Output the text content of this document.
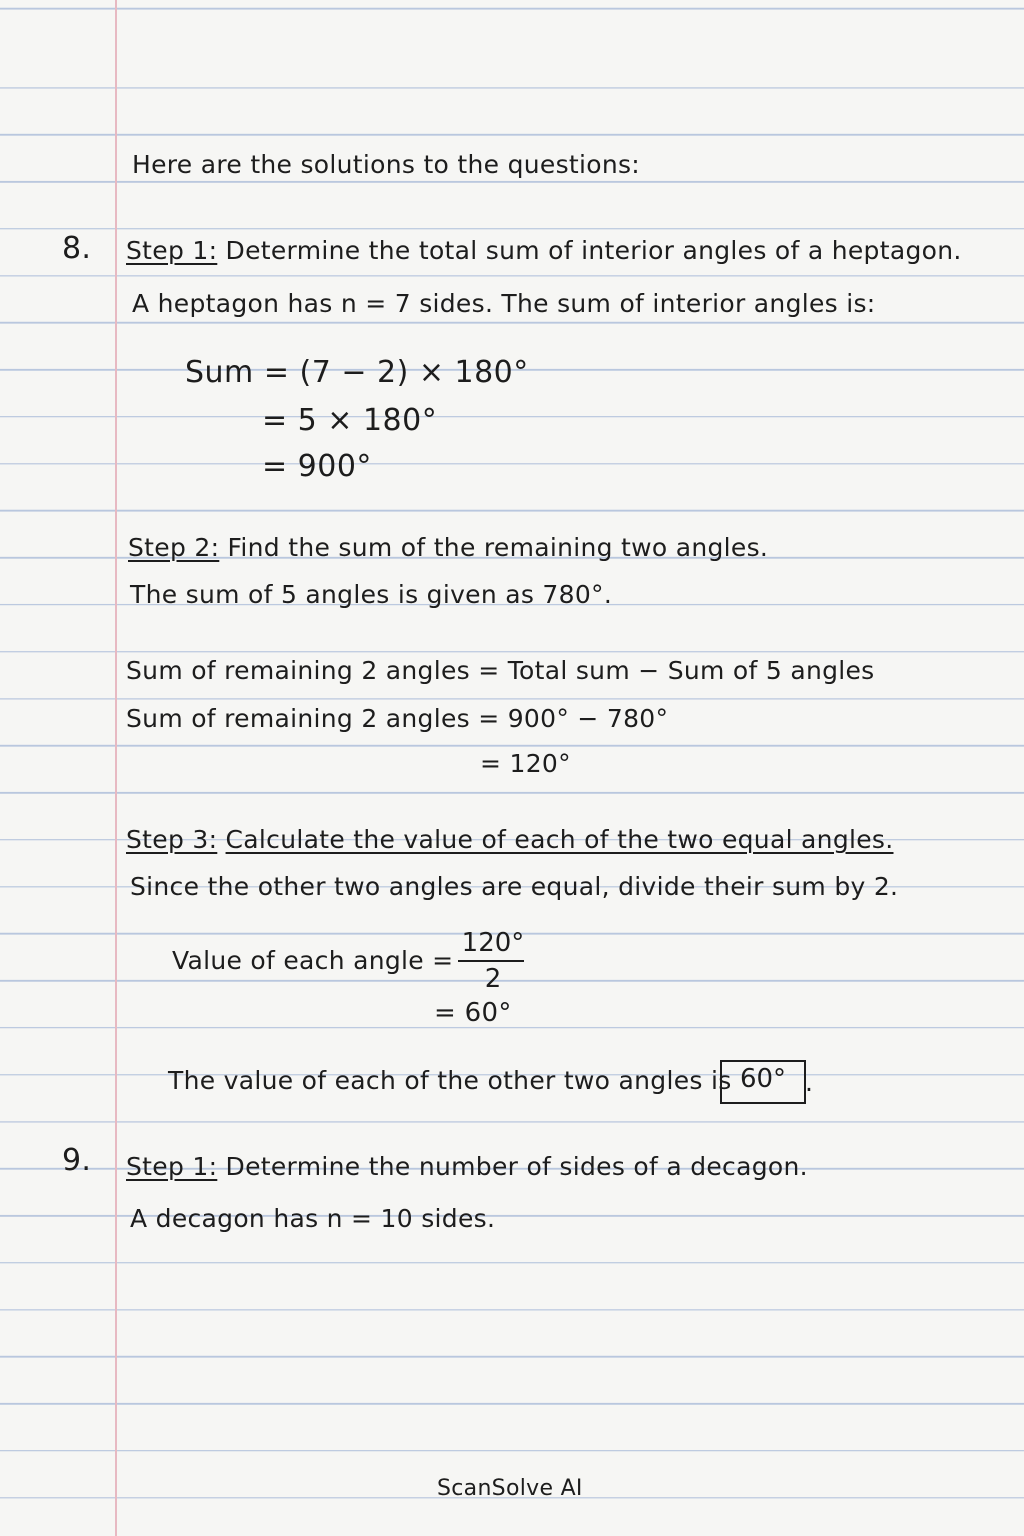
Here are the solutions to the questions:
8. Step 1: Determine the total sum of interior angles of a heptagon.
A heptagon has n = 7 sides. The sum of interior angles is:
Sum = (7 − 2) × 180°
= 5 × 180°
= 900°
Step 2: Find the sum of the remaining two angles.
The sum of 5 angles is given as 780°.
Sum of remaining 2 angles = Total sum − Sum of 5 angles
Sum of remaining 2 angles = 900° − 780°
= 120°
Step 3: Calculate the value of each of the two equal angles.
Since the other two angles are equal, divide their sum by 2.
Value of each angle =
120°
2
= 60°
The value of each of the other two angles is 60° .
9. Step 1: Determine the number of sides of a decagon.
A decagon has n = 10 sides.
ScanSolve AI
